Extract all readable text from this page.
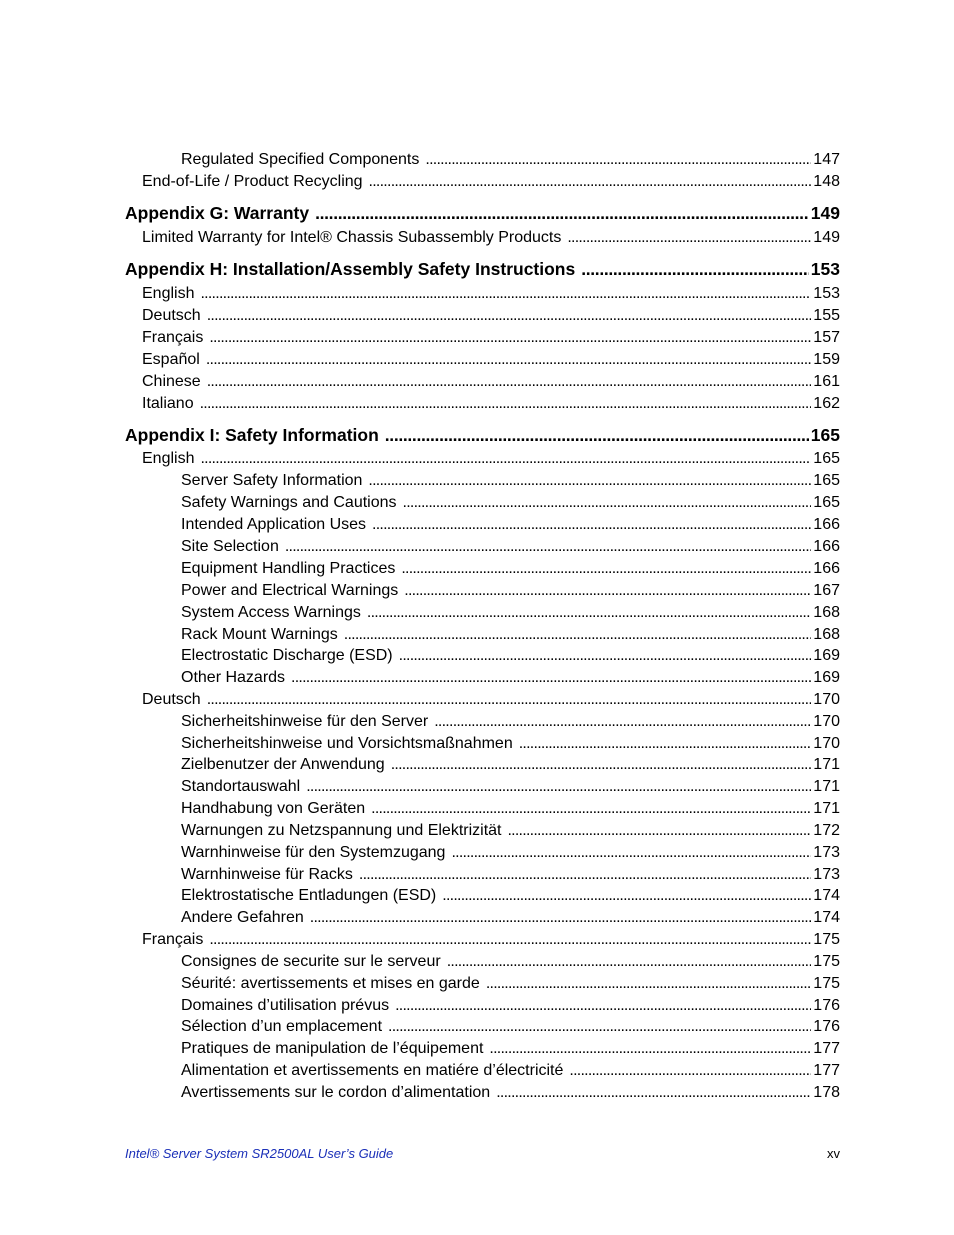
Regulated Specified Components . . .	147
End-of-Life / Product Recycling . . .	148
Appendix G: Warranty . . .	149
Limited Warranty for Intel® Chassis Subassembly Products . . .	149
Appendix H: Installation/Assembly Safety Instructions . . .	153
English . . .	153
Deutsch . . .	155
Français . . .	157
Español . . .	159
Chinese . . .	161
Italiano . . .	162
Appendix I: Safety Information . . .	165
English . . .	165
Server Safety Information . . .	165
Safety Warnings and Cautions . . .	165
Intended Application Uses . . .	166
Site Selection . . .	166
Equipment Handling Practices . . .	166
Power and Electrical Warnings . . .	167
System Access Warnings . . .	168
Rack Mount Warnings . . .	168
Electrostatic Discharge (ESD) . . .	169
Other Hazards . . .	169
Deutsch . . .	170
Sicherheitshinweise für den Server . . .	170
Sicherheitshinweise und Vorsichtsmaßnahmen . . .	170
Zielbenutzer der Anwendung . . .	171
Standortauswahl . . .	171
Handhabung von Geräten . . .	171
Warnungen zu Netzspannung und Elektrizität . . .	172
Warnhinweise für den Systemzugang . . .	173
Warnhinweise für Racks . . .	173
Elektrostatische Entladungen (ESD) . . .	174
Andere Gefahren . . .	174
Français . . .	175
Consignes de securite sur le serveur . . .	175
Séurité: avertissements et mises en garde . . .	175
Domaines d’utilisation prévus . . .	176
Sélection d’un emplacement . . .	176
Pratiques de manipulation de l’équipement . . .	177
Alimentation et avertissements en matiére d’électricité . . .	177
Avertissements sur le cordon d’alimentation . . .	178
Intel® Server System SR2500AL User’s Guide	xv
